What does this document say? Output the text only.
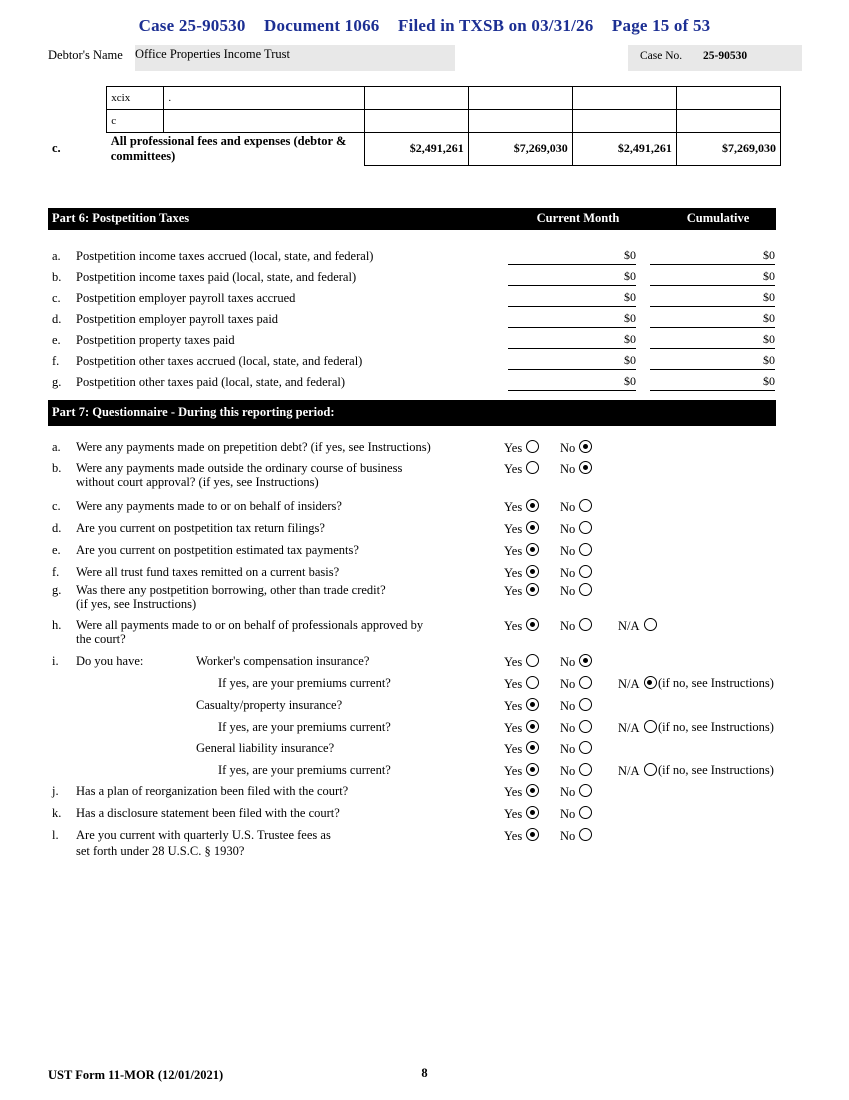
Case 25-90530 Document 1066 Filed in TXSB on 03/31/26 Page 15 of 53
Debtor's Name Office Properties Income Trust	Case No. 25-90530
	xcix	.				
	c					
c.	All professional fees and expenses (debtor & committees)		$2,491,261	$7,269,030	$2,491,261	$7,269,030
Part 6: Postpetition Taxes	Current Month	Cumulative
a. Postpetition income taxes accrued (local, state, and federal)	$0	$0
b. Postpetition income taxes paid (local, state, and federal)	$0	$0
c. Postpetition employer payroll taxes accrued	$0	$0
d. Postpetition employer payroll taxes paid	$0	$0
e. Postpetition property taxes paid	$0	$0
f. Postpetition other taxes accrued (local, state, and federal)	$0	$0
g. Postpetition other taxes paid (local, state, and federal)	$0	$0
Part 7: Questionnaire - During this reporting period:
a. Were any payments made on prepetition debt? (if yes, see Instructions)	Yes	No
b. Were any payments made outside the ordinary course of business
without court approval? (if yes, see Instructions)
Yes	No
c. Were any payments made to or on behalf of insiders?	Yes	No
d. Are you current on postpetition tax return filings?	Yes	No
e. Are you current on postpetition estimated tax payments?	Yes	No
f. Were all trust fund taxes remitted on a current basis?	Yes	No
g. Was there any postpetition borrowing, other than trade credit?
(if yes, see Instructions)
Yes	No
h. Were all payments made to or on behalf of professionals approved by
the court?
Yes	No	N/A
i. Do you have:	Worker's compensation insurance?	Yes	No
If yes, are your premiums current?	Yes	No	N/A	(if no, see Instructions)
Casualty/property insurance?	Yes	No
If yes, are your premiums current?	Yes	No	N/A	(if no, see Instructions)
General liability insurance?	Yes	No
If yes, are your premiums current?	Yes	No	N/A	(if no, see Instructions)
j. Has a plan of reorganization been filed with the court?	Yes	No
k. Has a disclosure statement been filed with the court?	Yes	No
l. Are you current with quarterly U.S. Trustee fees as
set forth under 28 U.S.C. § 1930?
Yes	No
UST Form 11-MOR (12/01/2021)	8
